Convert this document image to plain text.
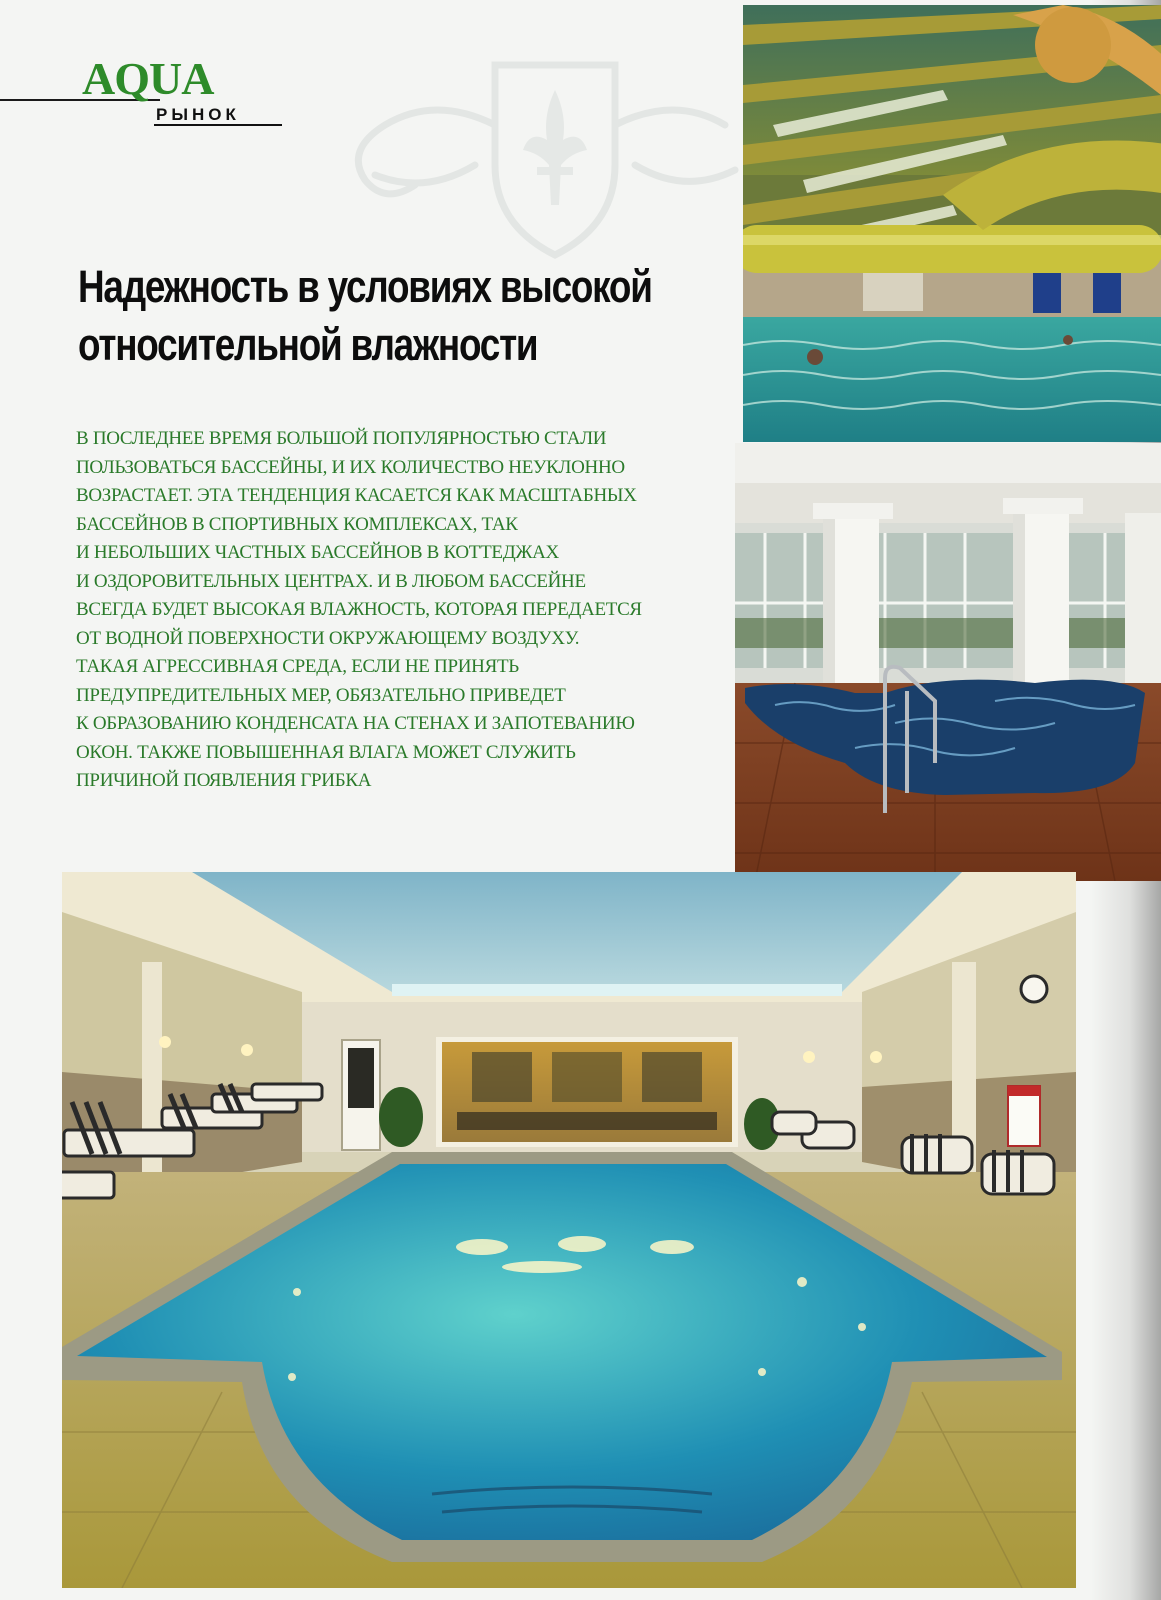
AQUA
РЫНОК
Надежность в условиях высокой
относительной влажности

В ПОСЛЕДНЕЕ ВРЕМЯ БОЛЬШОЙ ПОПУЛЯРНОСТЬЮ СТАЛИ
ПОЛЬЗОВАТЬСЯ БАССЕЙНЫ, И ИХ КОЛИЧЕСТВО НЕУКЛОННО
ВОЗРАСТАЕТ. ЭТА ТЕНДЕНЦИЯ КАСАЕТСЯ КАК МАСШТАБНЫХ
БАССЕЙНОВ В СПОРТИВНЫХ КОМПЛЕКСАХ, ТАК
И НЕБОЛЬШИХ ЧАСТНЫХ БАССЕЙНОВ В КОТТЕДЖАХ
И ОЗДОРОВИТЕЛЬНЫХ ЦЕНТРАХ. И В ЛЮБОМ БАССЕЙНЕ
ВСЕГДА БУДЕТ ВЫСОКАЯ ВЛАЖНОСТЬ, КОТОРАЯ ПЕРЕДАЕТСЯ
ОТ ВОДНОЙ ПОВЕРХНОСТИ ОКРУЖАЮЩЕМУ ВОЗДУХУ.
ТАКАЯ АГРЕССИВНАЯ СРЕДА, ЕСЛИ НЕ ПРИНЯТЬ
ПРЕДУПРЕДИТЕЛЬНЫХ МЕР, ОБЯЗАТЕЛЬНО ПРИВЕДЕТ
К ОБРАЗОВАНИЮ КОНДЕНСАТА НА СТЕНАХ И ЗАПОТЕВАНИЮ
ОКОН. ТАКЖЕ ПОВЫШЕННАЯ ВЛАГА МОЖЕТ СЛУЖИТЬ
ПРИЧИНОЙ ПОЯВЛЕНИЯ ГРИБКА
